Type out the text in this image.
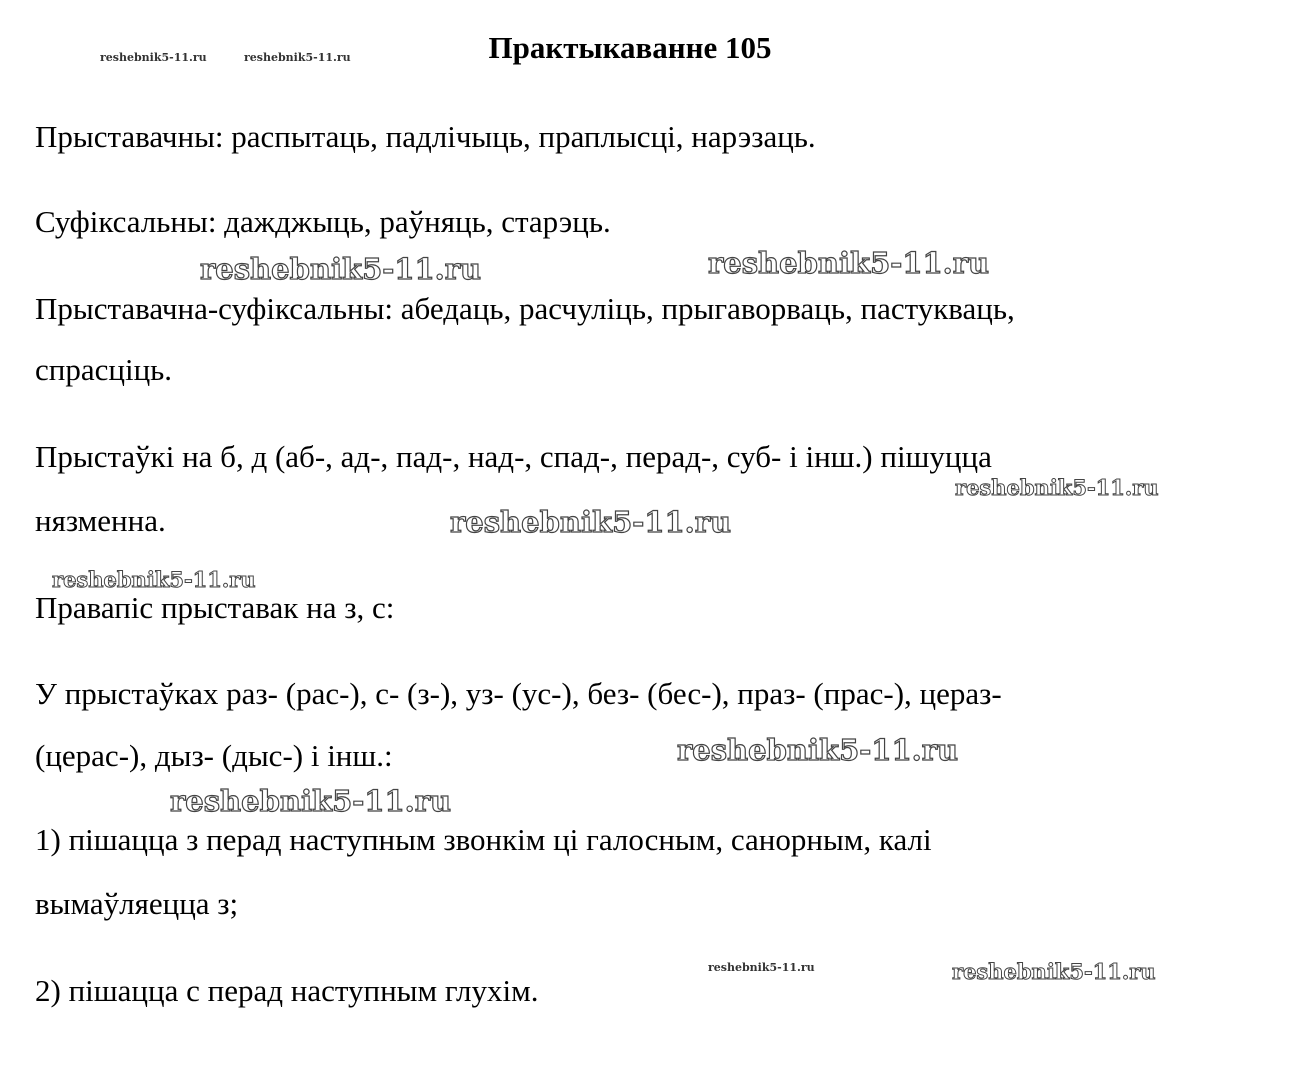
Практыкаванне 105
Прыставачны: распытаць, падлічыць, праплысці, нарэзаць.
Суфіксальны: дажджыць, раўняць, старэць.
Прыставачна-суфіксальны: абедаць, расчуліць, прыгаворваць, пастукваць,
спрасціць.
Прыстаўкі на б, д (аб-, ад-, пад-, над-, спад-, перад-, суб- і інш.) пішуцца
нязменна.
Правапіс прыставак на з, с:
У прыстаўках раз- (рас-), с- (з-), уз- (ус-), без- (бес-), праз- (прас-), цераз-
(церас-), дыз- (дыс-) і інш.:
1) пішацца з перад наступным звонкім ці галосным, санорным, калі
вымаўляецца з;
2) пішацца с перад наступным глухім.
reshebnik5-11.ru	reshebnik5-11.ru
reshebnik5-11.ru	reshebnik5-11.ru
reshebnik5-11.ru
reshebnik5-11.ru
reshebnik5-11.ru
reshebnik5-11.ru
reshebnik5-11.ru
reshebnik5-11.ru	reshebnik5-11.ru
